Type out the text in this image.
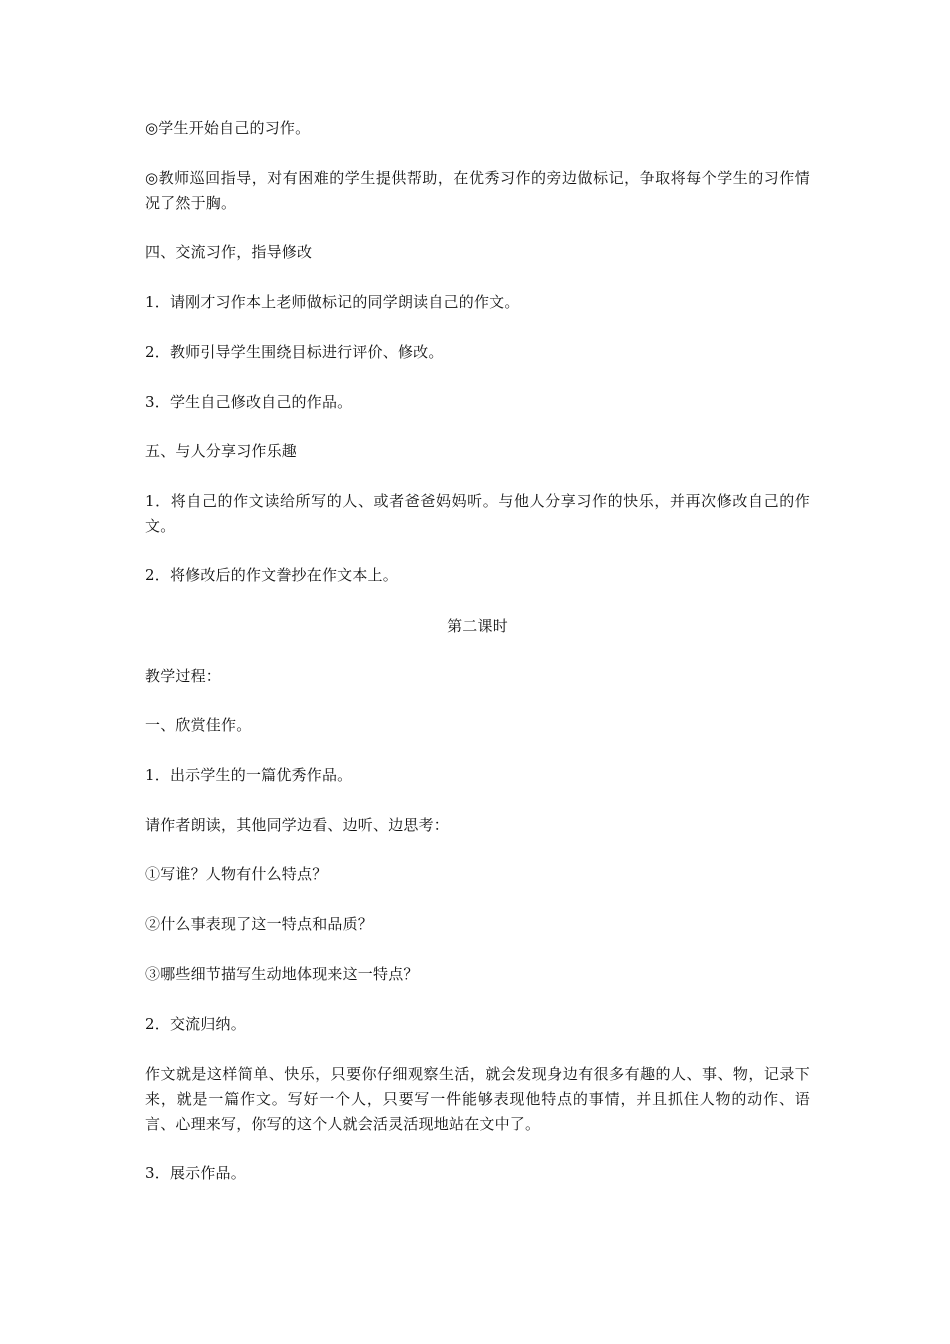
◎学生开始自己的习作。

◎教师巡回指导，对有困难的学生提供帮助，在优秀习作的旁边做标记，争取将每个学生的习作情况了然于胸。

四、交流习作，指导修改

1．请刚才习作本上老师做标记的同学朗读自己的作文。

2．教师引导学生围绕目标进行评价、修改。

3．学生自己修改自己的作品。

五、与人分享习作乐趣

1．将自己的作文读给所写的人、或者爸爸妈妈听。与他人分享习作的快乐，并再次修改自己的作文。

2．将修改后的作文誊抄在作文本上。

第二课时

教学过程：

一、欣赏佳作。

1．出示学生的一篇优秀作品。

请作者朗读，其他同学边看、边听、边思考：

①写谁？人物有什么特点？

②什么事表现了这一特点和品质？

③哪些细节描写生动地体现来这一特点？

2．交流归纳。

作文就是这样简单、快乐，只要你仔细观察生活，就会发现身边有很多有趣的人、事、物，记录下来，就是一篇作文。写好一个人，只要写一件能够表现他特点的事情，并且抓住人物的动作、语言、心理来写，你写的这个人就会活灵活现地站在文中了。

3．展示作品。
